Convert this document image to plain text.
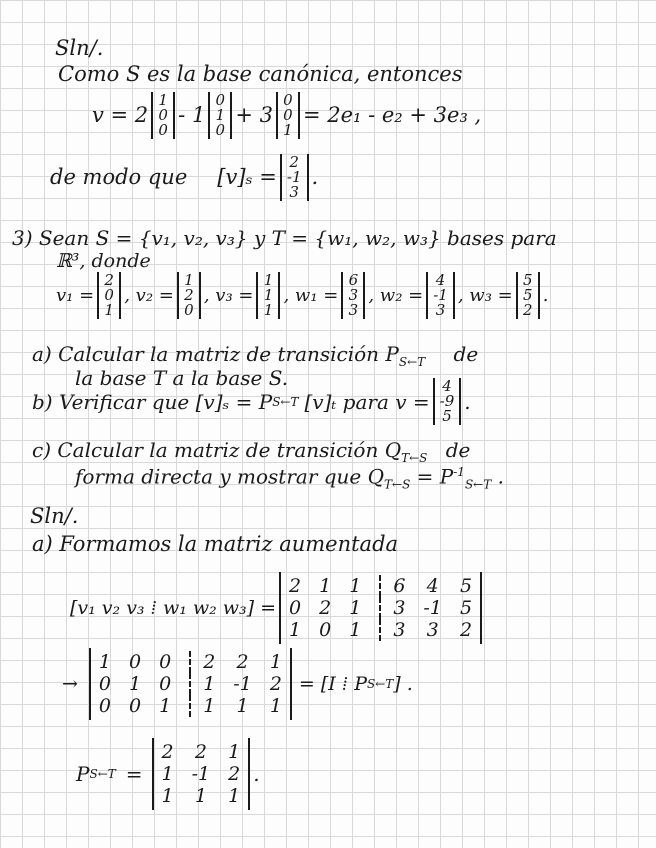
Sln/.
Como S es la base canónica, entonces
v = 2
1
0
0
- 1
0
1
0
+ 3
0
0
1
= 2e₁ - e₂ + 3e₃ ,
de modo que [v]ₛ =
2
-1
3
.
3) Sean S = {v₁, v₂, v₃} y T = {w₁, w₂, w₃} bases para
ℝ³, donde
v₁ =
2
0
1
, v₂ =
1
2
0
, v₃ =
1
1
1
, w₁ =
6
3
3
, w₂ =
4
-1
3
, w₃ =
5
5
2
.
a) Calcular la matriz de transición $P_{S\leftarrow T}$ de
la base T a la base S.
b) Verificar que [v]ₛ = P S←T [v]ₜ para v =
4
-9
5
.
c) Calcular la matriz de transición $Q_{T\leftarrow S}$ de
forma directa y mostrar que $Q_{T\leftarrow S} = P^{-1}_{S\leftarrow T}$ .
Sln/.
a) Formamos la matriz aumentada
[v₁ v₂ v₃ ⁞ w₁ w₂ w₃] =
2 1 1	6 4 5
0 2 1	3 -1 5
1 0 1	3 3 2
→
1 0 0	2 2 1
0 1 0	1 -1 2
0 0 1	1 1 1
= [I ⁞ P S←T ] .
P S←T =
2 2 1
1 -1 2
1 1 1
.
